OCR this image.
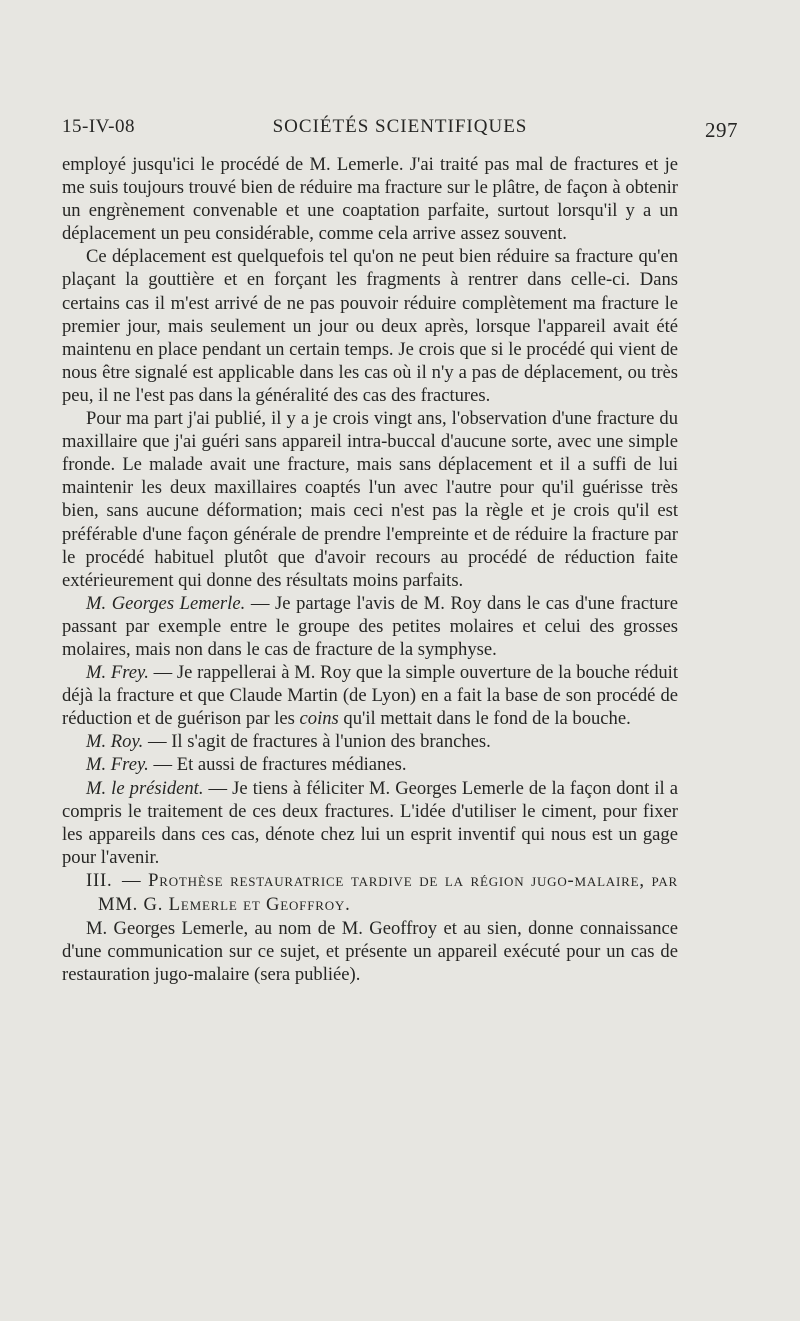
15-IV-08	SOCIÉTÉS SCIENTIFIQUES	297

employé jusqu'ici le procédé de M. Lemerle. J'ai traité pas mal de fractures et je me suis toujours trouvé bien de réduire ma fracture sur le plâtre, de façon à obtenir un engrènement convenable et une coaptation parfaite, surtout lorsqu'il y a un déplacement un peu considérable, comme cela arrive assez souvent.

Ce déplacement est quelquefois tel qu'on ne peut bien réduire sa fracture qu'en plaçant la gouttière et en forçant les fragments à rentrer dans celle-ci. Dans certains cas il m'est arrivé de ne pas pouvoir réduire complètement ma fracture le premier jour, mais seulement un jour ou deux après, lorsque l'appareil avait été maintenu en place pendant un certain temps. Je crois que si le procédé qui vient de nous être signalé est applicable dans les cas où il n'y a pas de déplacement, ou très peu, il ne l'est pas dans la généralité des cas des fractures.

Pour ma part j'ai publié, il y a je crois vingt ans, l'observation d'une fracture du maxillaire que j'ai guéri sans appareil intra-buccal d'aucune sorte, avec une simple fronde. Le malade avait une fracture, mais sans déplacement et il a suffi de lui maintenir les deux maxillaires coaptés l'un avec l'autre pour qu'il guérisse très bien, sans aucune déformation; mais ceci n'est pas la règle et je crois qu'il est préférable d'une façon générale de prendre l'empreinte et de réduire la fracture par le procédé habituel plutôt que d'avoir recours au procédé de réduction faite extérieurement qui donne des résultats moins parfaits.

M. Georges Lemerle. — Je partage l'avis de M. Roy dans le cas d'une fracture passant par exemple entre le groupe des petites molaires et celui des grosses molaires, mais non dans le cas de fracture de la symphyse.

M. Frey. — Je rappellerai à M. Roy que la simple ouverture de la bouche réduit déjà la fracture et que Claude Martin (de Lyon) en a fait la base de son procédé de réduction et de guérison par les coins qu'il mettait dans le fond de la bouche.

M. Roy. — Il s'agit de fractures à l'union des branches.

M. Frey. — Et aussi de fractures médianes.

M. le président. — Je tiens à féliciter M. Georges Lemerle de la façon dont il a compris le traitement de ces deux fractures. L'idée d'utiliser le ciment, pour fixer les appareils dans ces cas, dénote chez lui un esprit inventif qui nous est un gage pour l'avenir.

III. — Prothèse restauratrice tardive de la région jugo-malaire, par MM. G. Lemerle et Geoffroy.

M. Georges Lemerle, au nom de M. Geoffroy et au sien, donne connaissance d'une communication sur ce sujet, et présente un appareil exécuté pour un cas de restauration jugo-malaire (sera publiée).
